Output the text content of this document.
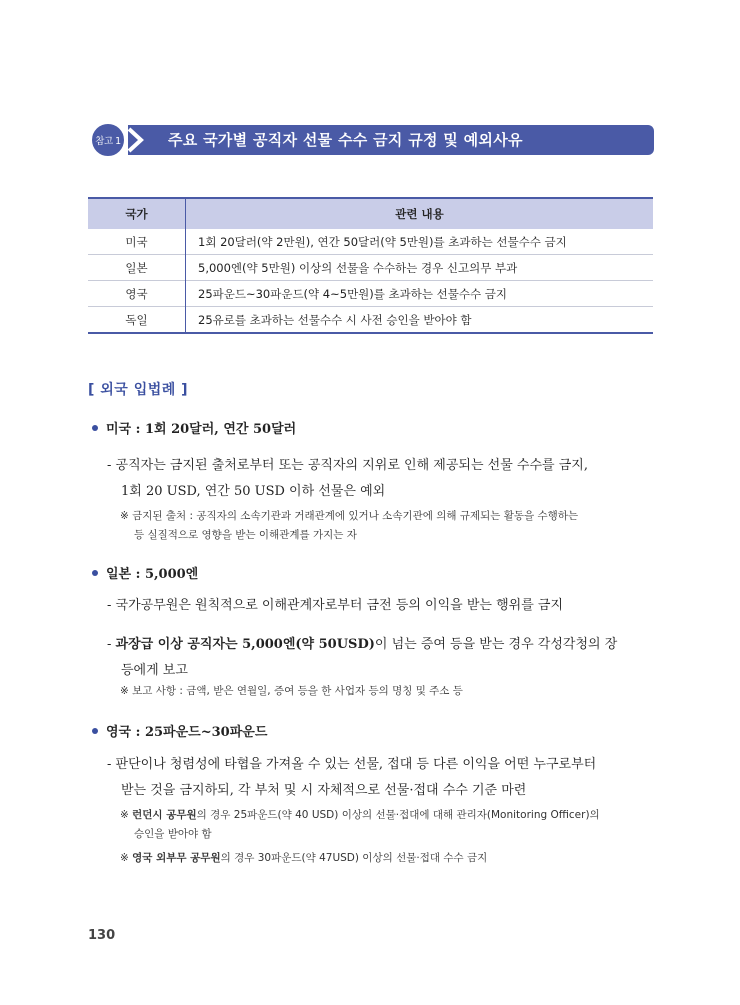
참고 1	주요 국가별 공직자 선물 수수 금지 규정 및 예외사유
국가	관련 내용
미국	1회 20달러(약 2만원), 연간 50달러(약 5만원)를 초과하는 선물수수 금지
일본	5,000엔(약 5만원) 이상의 선물을 수수하는 경우 신고의무 부과
영국	25파운드~30파운드(약 4~5만원)를 초과하는 선물수수 금지
독일	25유로를 초과하는 선물수수 시 사전 승인을 받아야 함
[ 외국 입법례 ]
미국 : 1회 20달러, 연간 50달러
- 공직자는 금지된 출처로부터 또는 공직자의 지위로 인해 제공되는 선물 수수를 금지,
1회 20 USD, 연간 50 USD 이하 선물은 예외
※ 금지된 출처 : 공직자의 소속기관과 거래관계에 있거나 소속기관에 의해 규제되는 활동을 수행하는
등 실질적으로 영향을 받는 이해관계를 가지는 자
일본 : 5,000엔
- 국가공무원은 원칙적으로 이해관계자로부터 금전 등의 이익을 받는 행위를 금지
- 과장급 이상 공직자는 5,000엔(약 50USD)이 넘는 증여 등을 받는 경우 각성각청의 장
등에게 보고
※ 보고 사항 : 금액, 받은 연월일, 증여 등을 한 사업자 등의 명칭 및 주소 등
영국 : 25파운드~30파운드
- 판단이나 청렴성에 타협을 가져올 수 있는 선물, 접대 등 다른 이익을 어떤 누구로부터
받는 것을 금지하되, 각 부처 및 시 자체적으로 선물·접대 수수 기준 마련
※ 런던시 공무원의 경우 25파운드(약 40 USD) 이상의 선물·접대에 대해 관리자(Monitoring Officer)의
승인을 받아야 함
※ 영국 외부무 공무원의 경우 30파운드(약 47USD) 이상의 선물·접대 수수 금지
130
